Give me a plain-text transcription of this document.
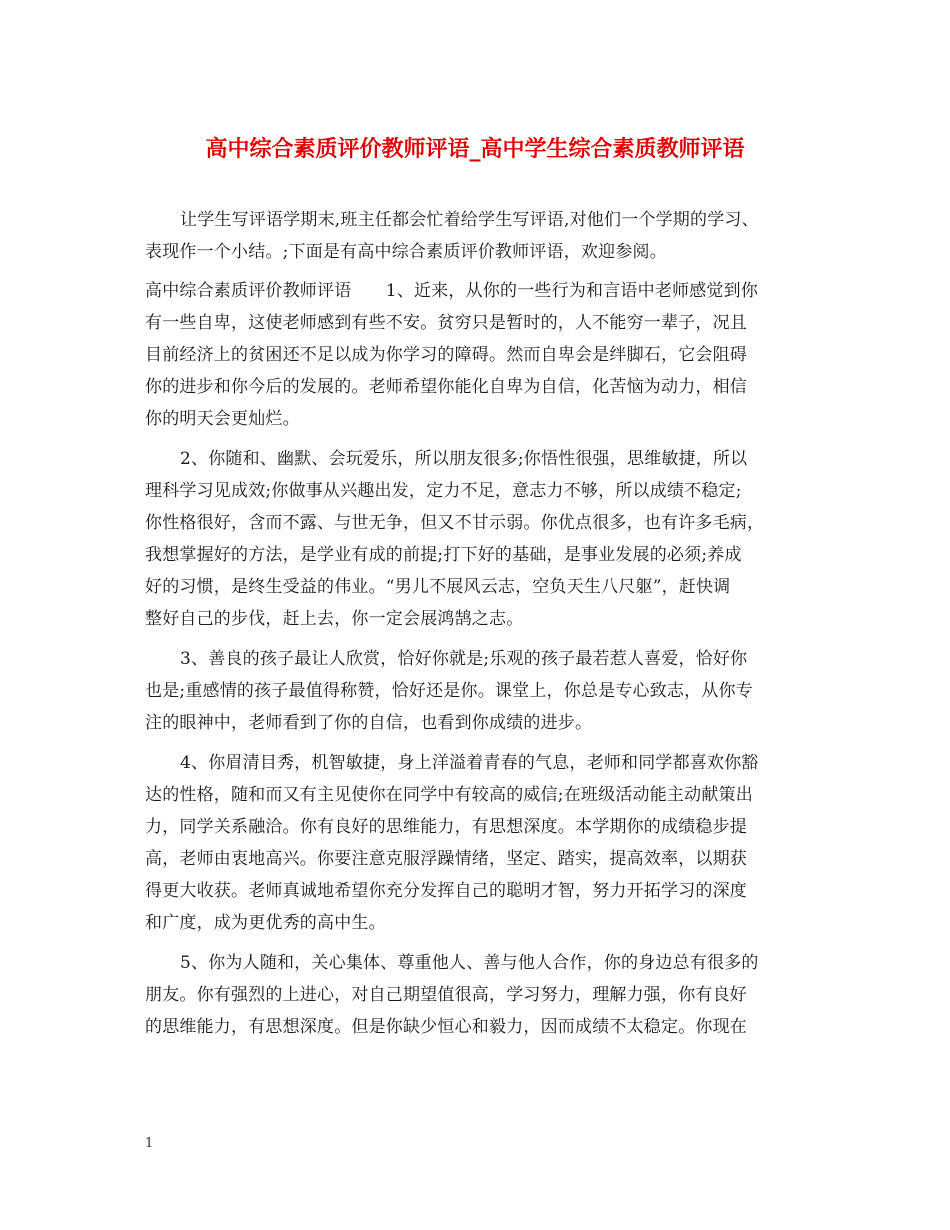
高中综合素质评价教师评语_高中学生综合素质教师评语
让学生写评语学期末,班主任都会忙着给学生写评语,对他们一个学期的学习、
表现作一个小结。;下面是有高中综合素质评价教师评语，欢迎参阅。
高中综合素质评价教师评语　　1、近来，从你的一些行为和言语中老师感觉到你
有一些自卑，这使老师感到有些不安。贫穷只是暂时的，人不能穷一辈子，况且
目前经济上的贫困还不足以成为你学习的障碍。然而自卑会是绊脚石，它会阻碍
你的进步和你今后的发展的。老师希望你能化自卑为自信，化苦恼为动力，相信
你的明天会更灿烂。
2、你随和、幽默、会玩爱乐，所以朋友很多;你悟性很强，思维敏捷，所以
理科学习见成效;你做事从兴趣出发，定力不足，意志力不够，所以成绩不稳定;
你性格很好，含而不露、与世无争，但又不甘示弱。你优点很多，也有许多毛病，
我想掌握好的方法，是学业有成的前提;打下好的基础，是事业发展的必须;养成
好的习惯，是终生受益的伟业。“男儿不展风云志，空负天生八尺躯”，赶快调
整好自己的步伐，赶上去，你一定会展鸿鹄之志。
3、善良的孩子最让人欣赏，恰好你就是;乐观的孩子最若惹人喜爱，恰好你
也是;重感情的孩子最值得称赞，恰好还是你。课堂上，你总是专心致志，从你专
注的眼神中，老师看到了你的自信，也看到你成绩的进步。
4、你眉清目秀，机智敏捷，身上洋溢着青春的气息，老师和同学都喜欢你豁
达的性格，随和而又有主见使你在同学中有较高的威信;在班级活动能主动献策出
力，同学关系融洽。你有良好的思维能力，有思想深度。本学期你的成绩稳步提
高，老师由衷地高兴。你要注意克服浮躁情绪，坚定、踏实，提高效率，以期获
得更大收获。老师真诚地希望你充分发挥自己的聪明才智，努力开拓学习的深度
和广度，成为更优秀的高中生。
5、你为人随和，关心集体、尊重他人、善与他人合作，你的身边总有很多的
朋友。你有强烈的上进心，对自己期望值很高，学习努力，理解力强，你有良好
的思维能力，有思想深度。但是你缺少恒心和毅力，因而成绩不太稳定。你现在
1
